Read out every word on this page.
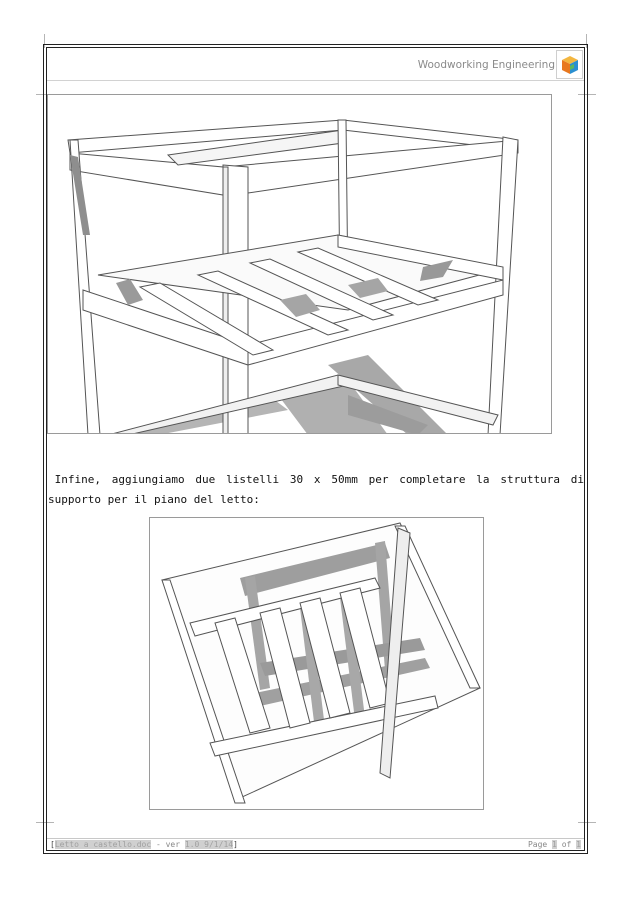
Woodworking Engineering

 Infine, aggiungiamo due listelli 30 x 50mm per completare la struttura di supporto per il piano del letto:

[Letto a castello.doc - ver 1.0 9/1/14]	Page 1 of 1
